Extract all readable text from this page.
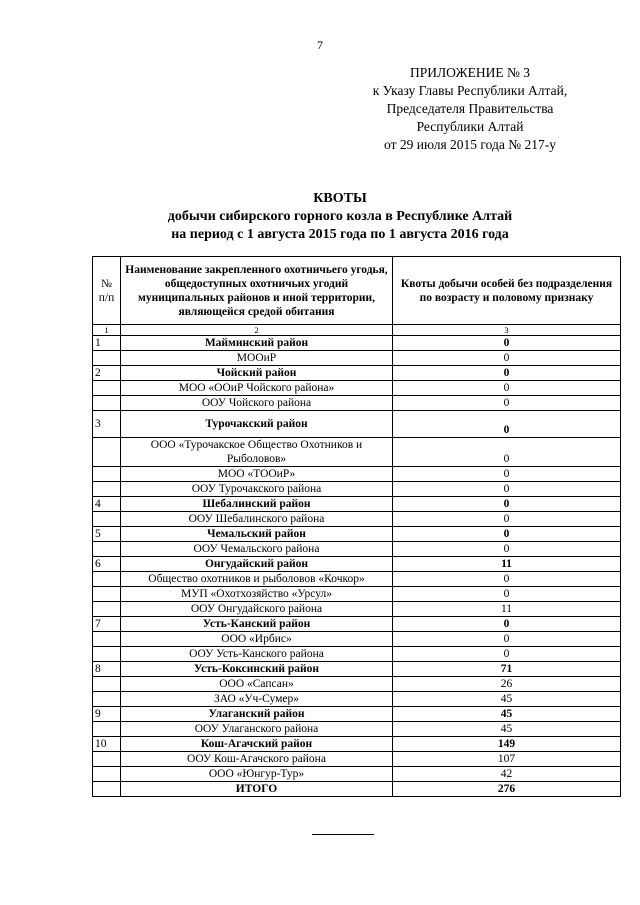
7
ПРИЛОЖЕНИЕ № 3
к Указу Главы Республики Алтай,
Председателя Правительства
Республики Алтай
от 29 июля 2015 года № 217-у
КВОТЫ
добычи сибирского горного козла в Республике Алтай
на период с 1 августа 2015 года по 1 августа 2016 года
№ п/п	Наименование закрепленного охотничьего угодья, общедоступных охотничьих угодий муниципальных районов и иной территории, являющейся средой обитания	Квоты добычи особей без подразделения по возрасту и половому признаку
1	2	3
1	Майминский район	0
	МООиР	0
2	Чойский район	0
	МОО «ООиР Чойского района»	0
	ООУ Чойского района	0
3	Турочакский район	0
	ООО «Турочакское Общество Охотников и Рыболовов»	0
	МОО «ТООиР»	0
	ООУ Турочакского района	0
4	Шебалинский район	0
	ООУ Шебалинского района	0
5	Чемальский район	0
	ООУ Чемальского района	0
6	Онгудайский район	11
	Общество охотников и рыболовов «Кочкор»	0
	МУП «Охотхозяйство «Урсул»	0
	ООУ Онгудайского района	11
7	Усть-Канский район	0
	ООО «Ирбис»	0
	ООУ Усть-Канского района	0
8	Усть-Коксинский район	71
	ООО «Сапсан»	26
	ЗАО «Уч-Сумер»	45
9	Улаганский район	45
	ООУ Улаганского района	45
10	Кош-Агачский район	149
	ООУ Кош-Агачского района	107
	ООО «Юнгур-Тур»	42
	ИТОГО	276
